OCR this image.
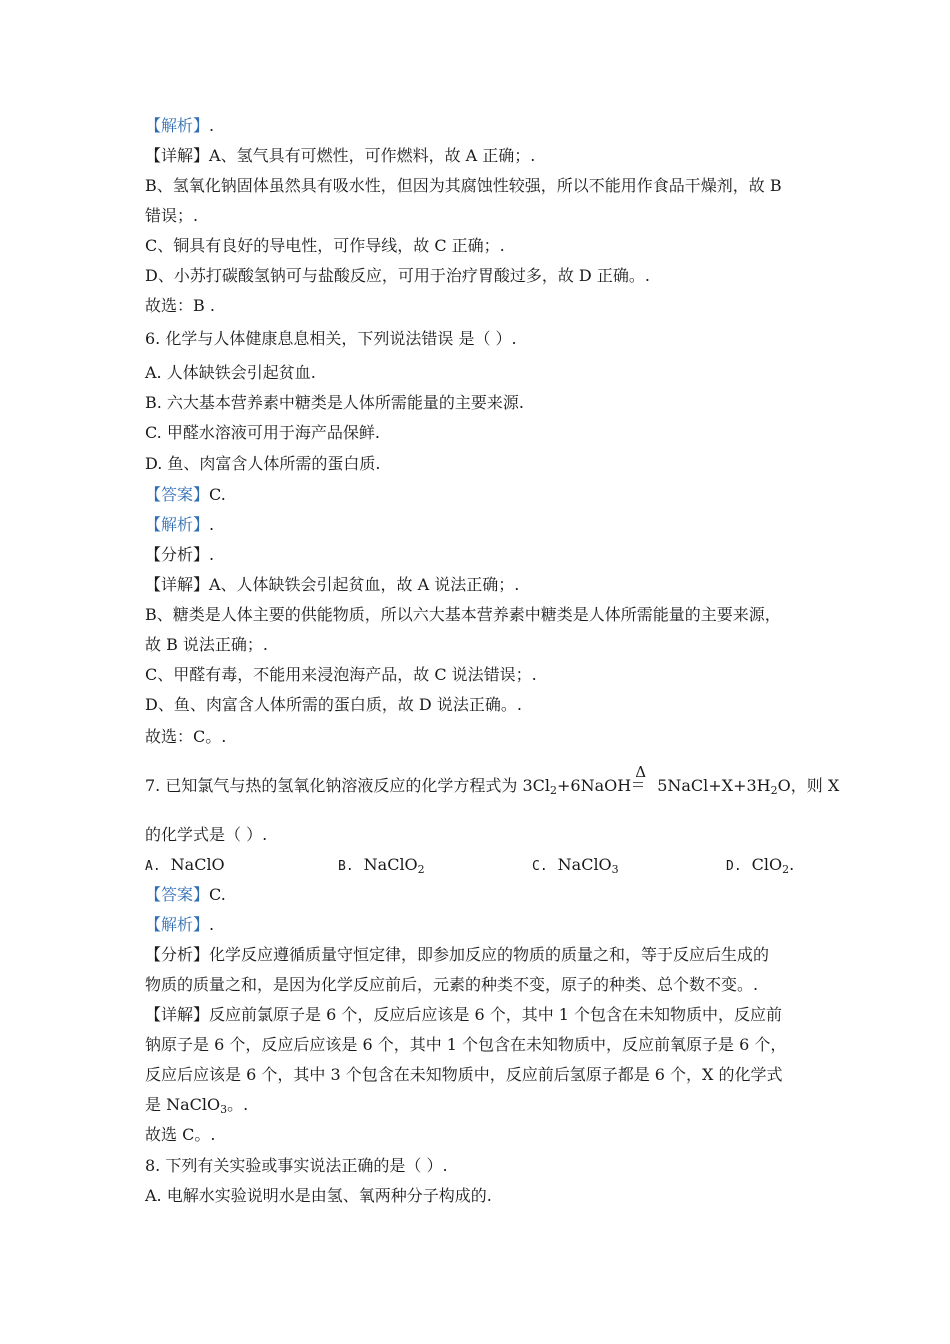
【解析】.
【详解】A、氢气具有可燃性，可作燃料，故 A 正确；.
B、氢氧化钠固体虽然具有吸水性，但因为其腐蚀性较强，所以不能用作食品干燥剂，故 B
错误；.
C、铜具有良好的导电性，可作导线，故 C 正确；.
D、小苏打碳酸氢钠可与盐酸反应，可用于治疗胃酸过多，故 D 正确。.
故选：B .
6. 化学与人体健康息息相关，下列说法错误 是（ ）.
A. 人体缺铁会引起贫血.
B. 六大基本营养素中糖类是人体所需能量的主要来源.
C. 甲醛水溶液可用于海产品保鲜.
D. 鱼、肉富含人体所需的蛋白质.
【答案】C.
【解析】.
【分析】.
【详解】A、人体缺铁会引起贫血，故 A 说法正确；.
B、糖类是人体主要的供能物质，所以六大基本营养素中糖类是人体所需能量的主要来源，
故 B 说法正确；.
C、甲醛有毒，不能用来浸泡海产品，故 C 说法错误；.
D、鱼、肉富含人体所需的蛋白质，故 D 说法正确。.
故选：C。.
7. 已知氯气与热的氢氧化钠溶液反应的化学方程式为 $3Cl_2+6NaOH$
Δ
$5NaCl+X+3H_2O$，则 X
的化学式是（ ）.
A. NaClO	B. NaClO$_2$	C. NaClO$_3$	D. ClO$_2$.
【答案】C.
【解析】.
【分析】化学反应遵循质量守恒定律，即参加反应的物质的质量之和，等于反应后生成的
物质的质量之和，是因为化学反应前后，元素的种类不变，原子的种类、总个数不变。.
【详解】反应前氯原子是 6 个，反应后应该是 6 个，其中 1 个包含在未知物质中，反应前
钠原子是 6 个，反应后应该是 6 个，其中 1 个包含在未知物质中，反应前氧原子是 6 个，
反应后应该是 6 个，其中 3 个包含在未知物质中，反应前后氢原子都是 6 个，X 的化学式
是 NaClO$_3$。.
故选 C。.
8. 下列有关实验或事实说法正确的是（ ）.
A. 电解水实验说明水是由氢、氧两种分子构成的.
